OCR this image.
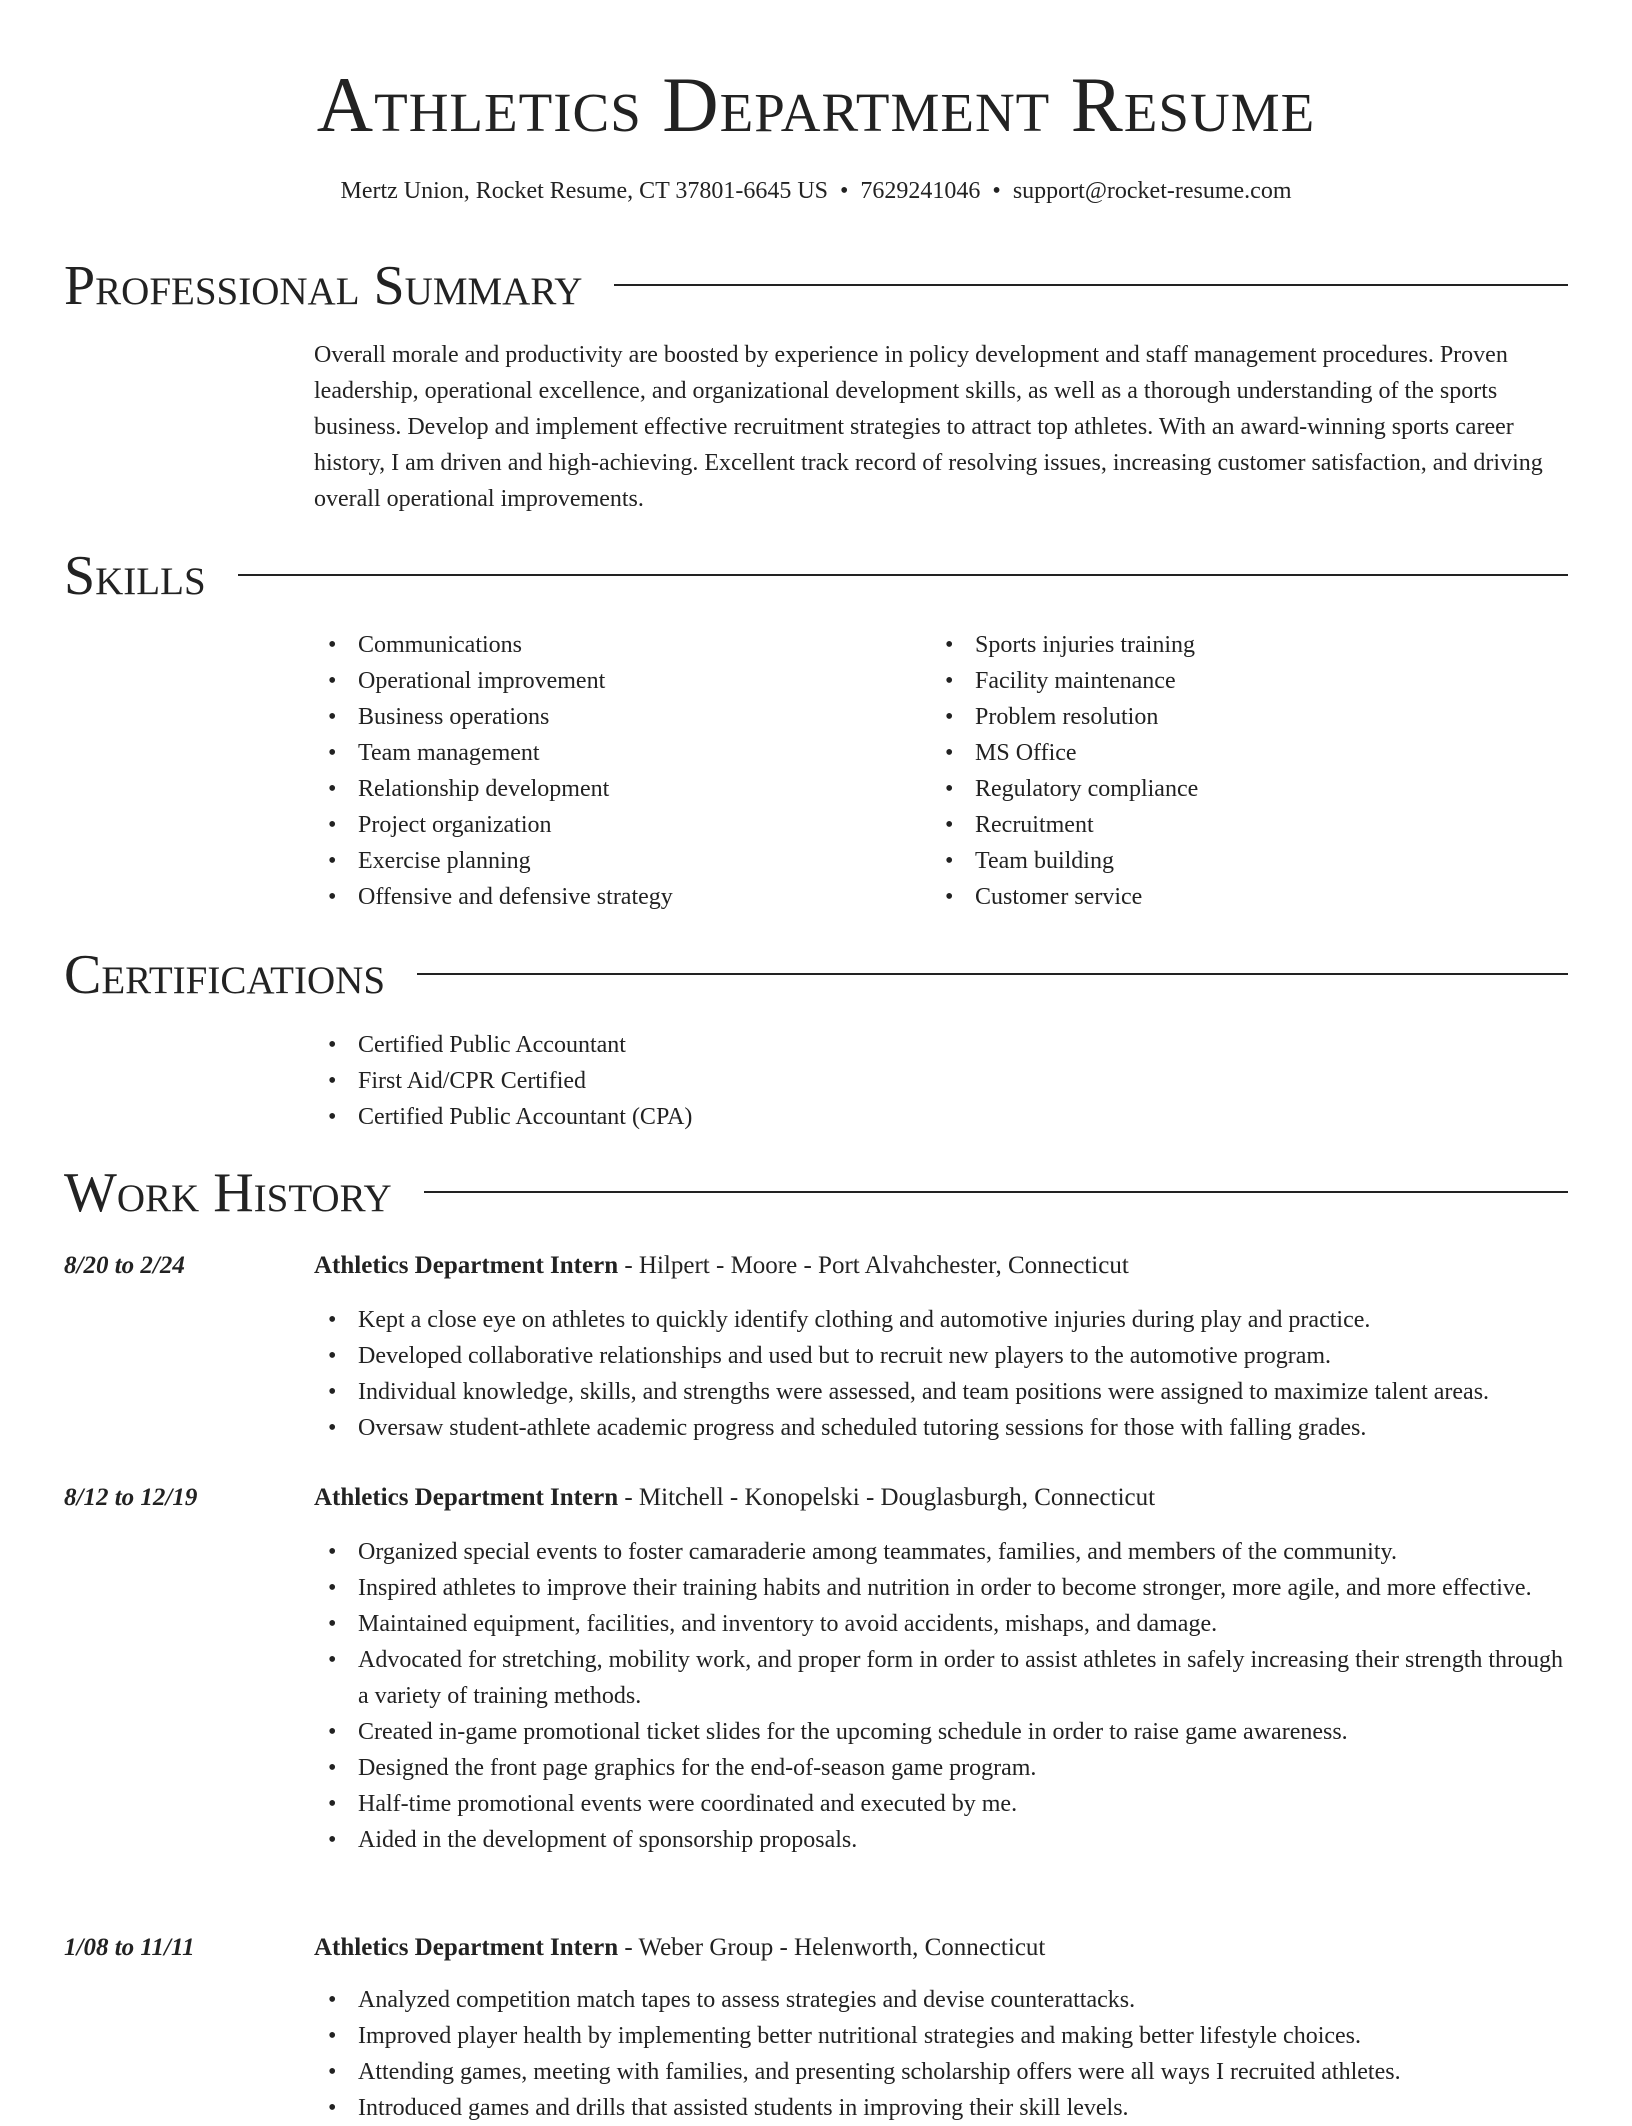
Athletics Department Resume
Mertz Union, Rocket Resume, CT 37801-6645 US • 7629241046 • support@rocket-resume.com
Professional Summary

Overall morale and productivity are boosted by experience in policy development and staff management procedures. Proven leadership, operational excellence, and organizational development skills, as well as a thorough understanding of the sports business. Develop and implement effective recruitment strategies to attract top athletes. With an award-winning sports career history, I am driven and high-achieving. Excellent track record of resolving issues, increasing customer satisfaction, and driving overall operational improvements.

Skills
• Communications
• Operational improvement
• Business operations
• Team management
• Relationship development
• Project organization
• Exercise planning
• Offensive and defensive strategy
• Sports injuries training
• Facility maintenance
• Problem resolution
• MS Office
• Regulatory compliance
• Recruitment
• Team building
• Customer service
Certifications
• Certified Public Accountant
• First Aid/CPR Certified
• Certified Public Accountant (CPA)
Work History
8/20 to 2/24	Athletics Department Intern - Hilpert - Moore - Port Alvahchester, Connecticut
• Kept a close eye on athletes to quickly identify clothing and automotive injuries during play and practice.
• Developed collaborative relationships and used but to recruit new players to the automotive program.
• Individual knowledge, skills, and strengths were assessed, and team positions were assigned to maximize talent areas.
• Oversaw student-athlete academic progress and scheduled tutoring sessions for those with falling grades.
8/12 to 12/19	Athletics Department Intern - Mitchell - Konopelski - Douglasburgh, Connecticut
• Organized special events to foster camaraderie among teammates, families, and members of the community.
• Inspired athletes to improve their training habits and nutrition in order to become stronger, more agile, and more effective.
• Maintained equipment, facilities, and inventory to avoid accidents, mishaps, and damage.
• Advocated for stretching, mobility work, and proper form in order to assist athletes in safely increasing their strength through a variety of training methods.
• Created in-game promotional ticket slides for the upcoming schedule in order to raise game awareness.
• Designed the front page graphics for the end-of-season game program.
• Half-time promotional events were coordinated and executed by me.
• Aided in the development of sponsorship proposals.
1/08 to 11/11	Athletics Department Intern - Weber Group - Helenworth, Connecticut
• Analyzed competition match tapes to assess strategies and devise counterattacks.
• Improved player health by implementing better nutritional strategies and making better lifestyle choices.
• Attending games, meeting with families, and presenting scholarship offers were all ways I recruited athletes.
• Introduced games and drills that assisted students in improving their skill levels.
